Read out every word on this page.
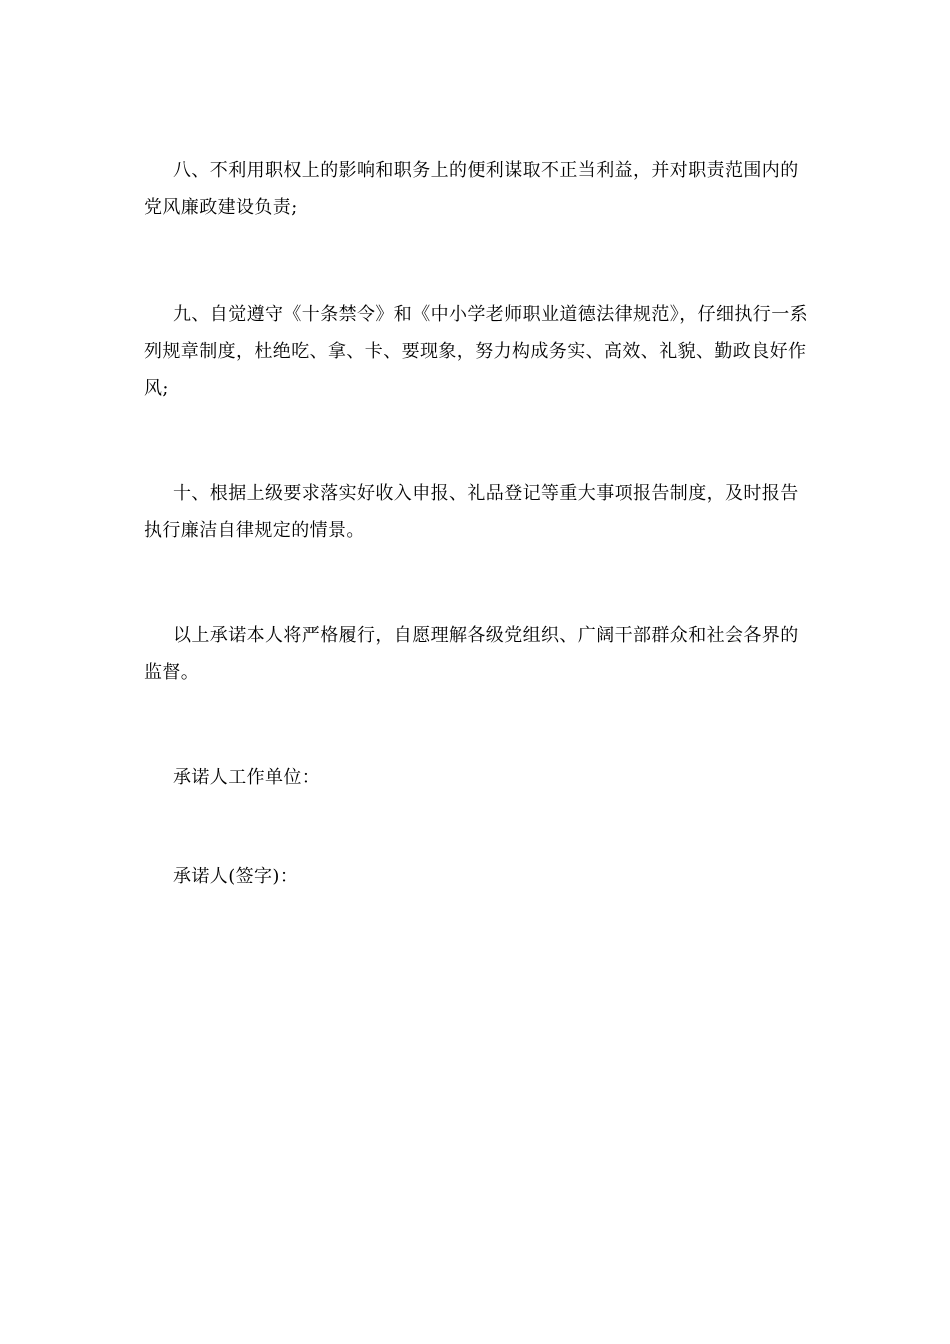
八、不利用职权上的影响和职务上的便利谋取不正当利益，并对职责范围内的党风廉政建设负责;

九、自觉遵守《十条禁令》和《中小学老师职业道德法律规范》，仔细执行一系列规章制度，杜绝吃、拿、卡、要现象，努力构成务实、高效、礼貌、勤政良好作风;

十、根据上级要求落实好收入申报、礼品登记等重大事项报告制度，及时报告执行廉洁自律规定的情景。

以上承诺本人将严格履行，自愿理解各级党组织、广阔干部群众和社会各界的监督。

承诺人工作单位：

承诺人(签字)：
